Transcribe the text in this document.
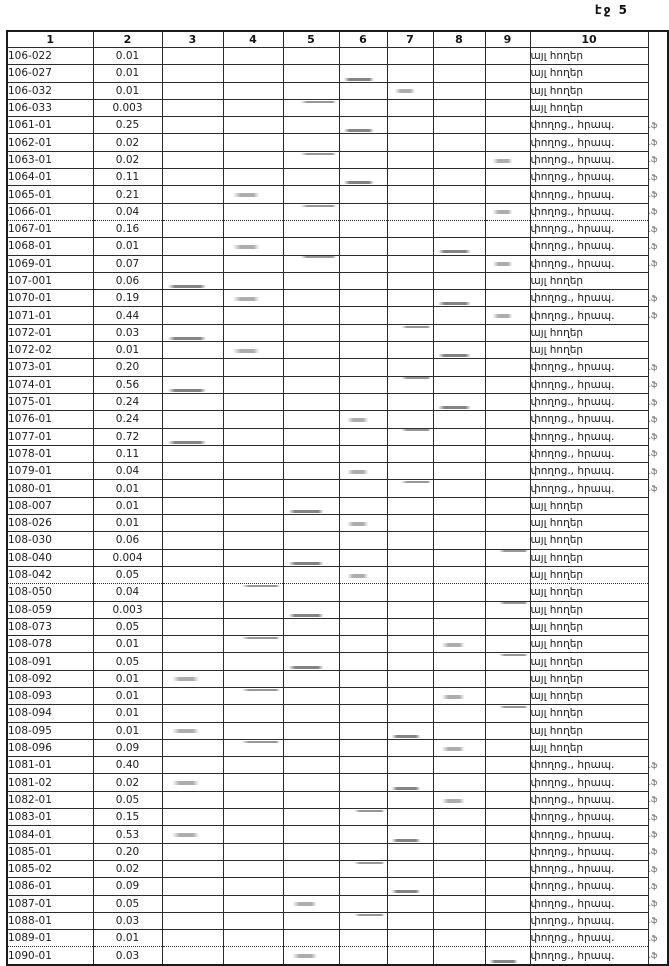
էջ 5
1	2	3	4	5	6	7	8	9	10	
106-022	0.01								այլ հողեր	
106-027	0.01								այլ հողեր	
106-032	0.01								այլ հողեր	
106-033	0.003								այլ հողեր	
1061-01	0.25								փողոց., հրապ.	.ֆ
1062-01	0.02								փողոց., հրապ.	.ֆ
1063-01	0.02								փողոց., հրապ.	.ֆ
1064-01	0.11								փողոց., հրապ.	.ֆ
1065-01	0.21								փողոց., հրապ.	.ֆ
1066-01	0.04								փողոց., հրապ.	.ֆ
1067-01	0.16								փողոց., հրապ.	.ֆ
1068-01	0.01								փողոց., հրապ.	.ֆ
1069-01	0.07								փողոց., հրապ.	.ֆ
107-001	0.06								այլ հողեր	
1070-01	0.19								փողոց., հրապ.	.ֆ
1071-01	0.44								փողոց., հրապ.	.ֆ
1072-01	0.03								այլ հողեր	
1072-02	0.01								այլ հողեր	
1073-01	0.20								փողոց., հրապ.	.ֆ
1074-01	0.56								փողոց., հրապ.	.ֆ
1075-01	0.24								փողոց., հրապ.	.ֆ
1076-01	0.24								փողոց., հրապ.	.ֆ
1077-01	0.72								փողոց., հրապ.	.ֆ
1078-01	0.11								փողոց., հրապ.	.ֆ
1079-01	0.04								փողոց., հրապ.	.ֆ
1080-01	0.01								փողոց., հրապ.	.ֆ
108-007	0.01								այլ հողեր	
108-026	0.01								այլ հողեր	
108-030	0.06								այլ հողեր	
108-040	0.004								այլ հողեր	
108-042	0.05								այլ հողեր	
108-050	0.04								այլ հողեր	
108-059	0.003								այլ հողեր	
108-073	0.05								այլ հողեր	
108-078	0.01								այլ հողեր	
108-091	0.05								այլ հողեր	
108-092	0.01								այլ հողեր	
108-093	0.01								այլ հողեր	
108-094	0.01								այլ հողեր	
108-095	0.01								այլ հողեր	
108-096	0.09								այլ հողեր	
1081-01	0.40								փողոց., հրապ.	.ֆ
1081-02	0.02								փողոց., հրապ.	.ֆ
1082-01	0.05								փողոց., հրապ.	.ֆ
1083-01	0.15								փողոց., հրապ.	.ֆ
1084-01	0.53								փողոց., հրապ.	.ֆ
1085-01	0.20								փողոց., հրապ.	.ֆ
1085-02	0.02								փողոց., հրապ.	.ֆ
1086-01	0.09								փողոց., հրապ.	.ֆ
1087-01	0.05								փողոց., հրապ.	.ֆ
1088-01	0.03								փողոց., հրապ.	.ֆ
1089-01	0.01								փողոց., հրապ.	.ֆ
1090-01	0.03								փողոց., հրապ.	.ֆ
